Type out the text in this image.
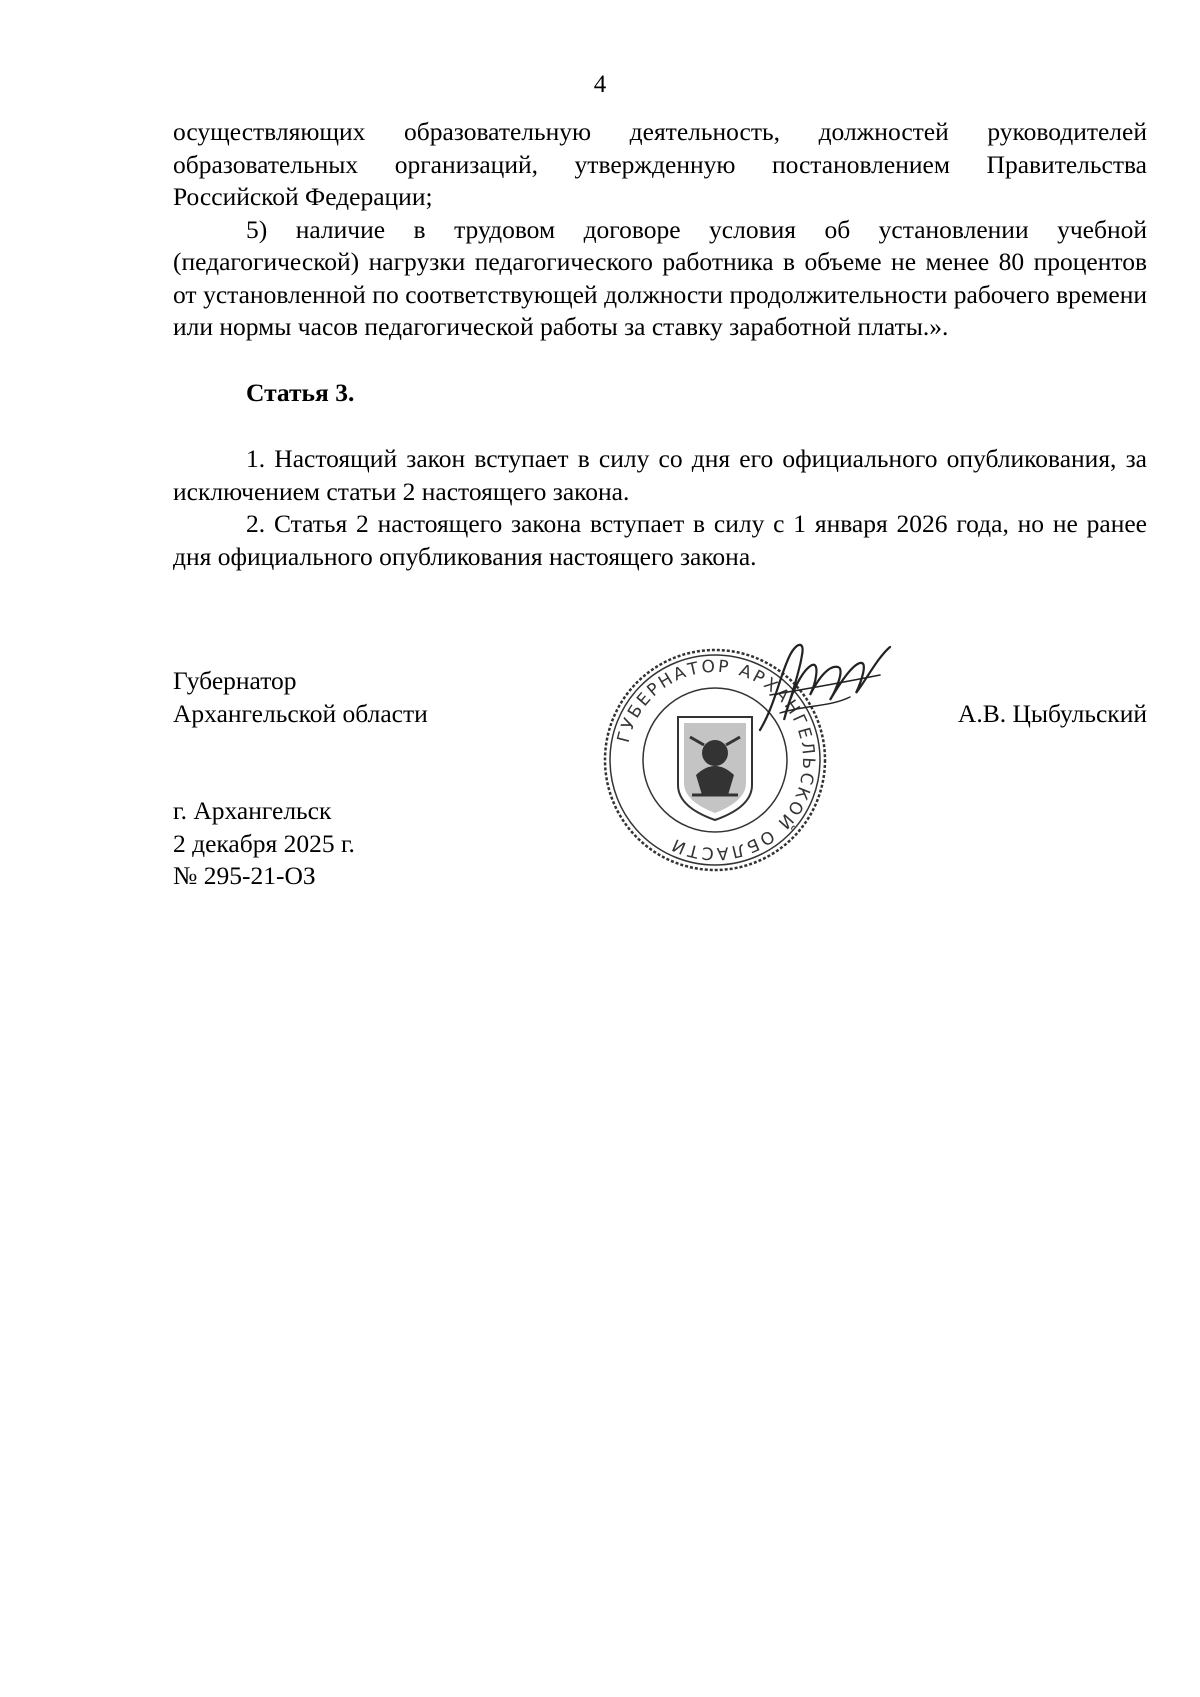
4

осуществляющих образовательную деятельность, должностей руководителей образовательных организаций, утвержденную постановлением Правительства Российской Федерации;

5) наличие в трудовом договоре условия об установлении учебной (педагогической) нагрузки педагогического работника в объеме не менее 80 процентов от установленной по соответствующей должности продолжительности рабочего времени или нормы часов педагогической работы за ставку заработной платы.».

Статья 3.

1. Настоящий закон вступает в силу со дня его официального опубликования, за исключением статьи 2 настоящего закона.

2. Статья 2 настоящего закона вступает в силу с 1 января 2026 года, но не ранее дня официального опубликования настоящего закона.

Губернатор
Архангельской области	А.В. Цыбульский
г. Архангельск
2 декабря 2025 г.
№ 295-21-ОЗ
ГУБЕРНАТОР АРХАНГЕЛЬСКОЙ ОБЛАСТИ
